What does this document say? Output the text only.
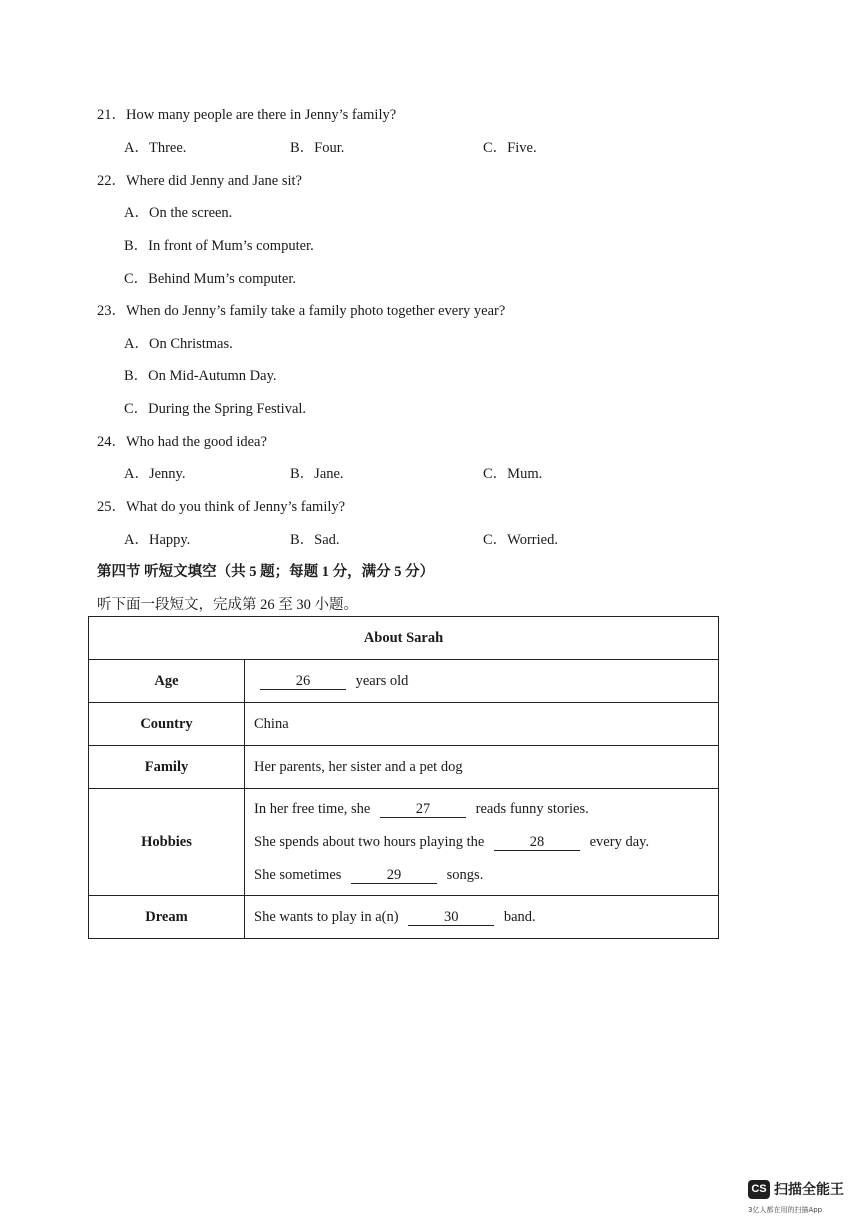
21．How many people are there in Jenny’s family?
A．Three.	B．Four.	C．Five.
22．Where did Jenny and Jane sit?
A．On the screen.
B．In front of Mum’s computer.
C．Behind Mum’s computer.
23．When do Jenny’s family take a family photo together every year?
A．On Christmas.
B．On Mid-Autumn Day.
C．During the Spring Festival.
24．Who had the good idea?
A．Jenny.	B．Jane.	C．Mum.
25．What do you think of Jenny’s family?
A．Happy.	B．Sad.	C．Worried.
第四节 听短文填空（共 5 题；每题 1 分，满分 5 分）
听下面一段短文，完成第 26 至 30 小题。
About Sarah	
Age	26 years old
Country	China
Family	Her parents, her sister and a pet dog
Hobbies	In her free time, she 27 reads funny stories.
She spends about two hours playing the 28 every day.
She sometimes 29 songs.

Dream	She wants to play in a(n) 30 band.
CS 扫描全能王
3亿人都在用的扫描App
